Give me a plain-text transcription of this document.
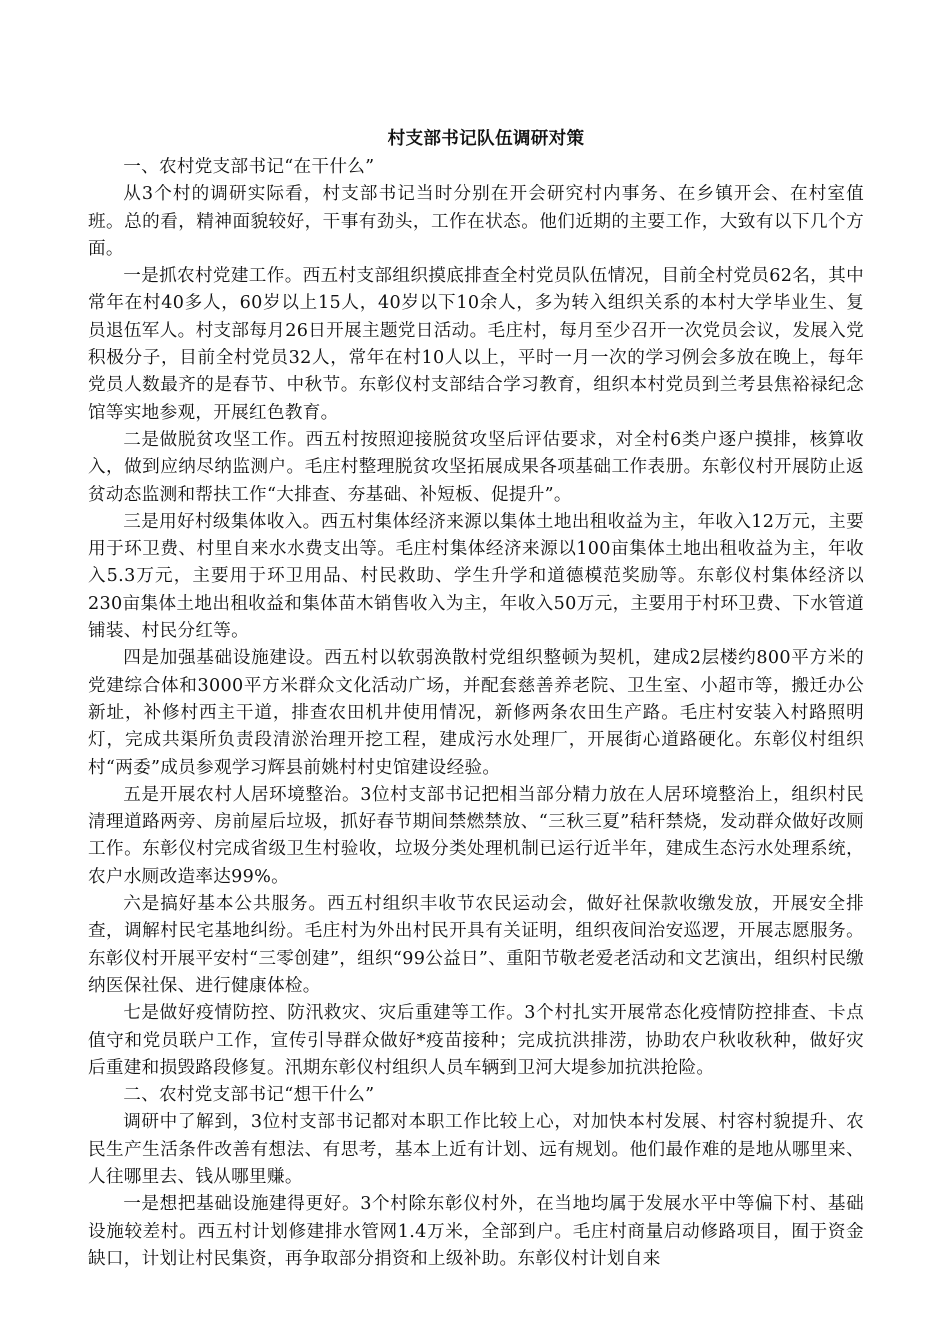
村支部书记队伍调研对策

一、农村党支部书记“在干什么”

从3个村的调研实际看，村支部书记当时分别在开会研究村内事务、在乡镇开会、在村室值班。总的看，精神面貌较好，干事有劲头，工作在状态。他们近期的主要工作，大致有以下几个方面。

一是抓农村党建工作。西五村支部组织摸底排查全村党员队伍情况，目前全村党员62名，其中常年在村40多人，60岁以上15人，40岁以下10余人，多为转入组织关系的本村大学毕业生、复员退伍军人。村支部每月26日开展主题党日活动。毛庄村，每月至少召开一次党员会议，发展入党积极分子，目前全村党员32人，常年在村10人以上，平时一月一次的学习例会多放在晚上，每年党员人数最齐的是春节、中秋节。东彰仪村支部结合学习教育，组织本村党员到兰考县焦裕禄纪念馆等实地参观，开展红色教育。

二是做脱贫攻坚工作。西五村按照迎接脱贫攻坚后评估要求，对全村6类户逐户摸排，核算收入，做到应纳尽纳监测户。毛庄村整理脱贫攻坚拓展成果各项基础工作表册。东彰仪村开展防止返贫动态监测和帮扶工作“大排查、夯基础、补短板、促提升”。

三是用好村级集体收入。西五村集体经济来源以集体土地出租收益为主，年收入12万元，主要用于环卫费、村里自来水水费支出等。毛庄村集体经济来源以100亩集体土地出租收益为主，年收入5.3万元，主要用于环卫用品、村民救助、学生升学和道德模范奖励等。东彰仪村集体经济以230亩集体土地出租收益和集体苗木销售收入为主，年收入50万元，主要用于村环卫费、下水管道铺装、村民分红等。

四是加强基础设施建设。西五村以软弱涣散村党组织整顿为契机，建成2层楼约800平方米的党建综合体和3000平方米群众文化活动广场，并配套慈善养老院、卫生室、小超市等，搬迁办公新址，补修村西主干道，排查农田机井使用情况，新修两条农田生产路。毛庄村安装入村路照明灯，完成共渠所负责段清淤治理开挖工程，建成污水处理厂，开展街心道路硬化。东彰仪村组织村“两委”成员参观学习辉县前姚村村史馆建设经验。

五是开展农村人居环境整治。3位村支部书记把相当部分精力放在人居环境整治上，组织村民清理道路两旁、房前屋后垃圾，抓好春节期间禁燃禁放、“三秋三夏”秸秆禁烧，发动群众做好改厕工作。东彰仪村完成省级卫生村验收，垃圾分类处理机制已运行近半年，建成生态污水处理系统，农户水厕改造率达99%。

六是搞好基本公共服务。西五村组织丰收节农民运动会，做好社保款收缴发放，开展安全排查，调解村民宅基地纠纷。毛庄村为外出村民开具有关证明，组织夜间治安巡逻，开展志愿服务。东彰仪村开展平安村“三零创建”，组织“99公益日”、重阳节敬老爱老活动和文艺演出，组织村民缴纳医保社保、进行健康体检。

七是做好疫情防控、防汛救灾、灾后重建等工作。3个村扎实开展常态化疫情防控排查、卡点值守和党员联户工作，宣传引导群众做好*疫苗接种；完成抗洪排涝，协助农户秋收秋种，做好灾后重建和损毁路段修复。汛期东彰仪村组织人员车辆到卫河大堤参加抗洪抢险。

二、农村党支部书记“想干什么”

调研中了解到，3位村支部书记都对本职工作比较上心，对加快本村发展、村容村貌提升、农民生产生活条件改善有想法、有思考，基本上近有计划、远有规划。他们最作难的是地从哪里来、人往哪里去、钱从哪里赚。

一是想把基础设施建得更好。3个村除东彰仪村外，在当地均属于发展水平中等偏下村、基础设施较差村。西五村计划修建排水管网1.4万米，全部到户。毛庄村商量启动修路项目，囿于资金缺口，计划让村民集资，再争取部分捐资和上级补助。东彰仪村计划自来
